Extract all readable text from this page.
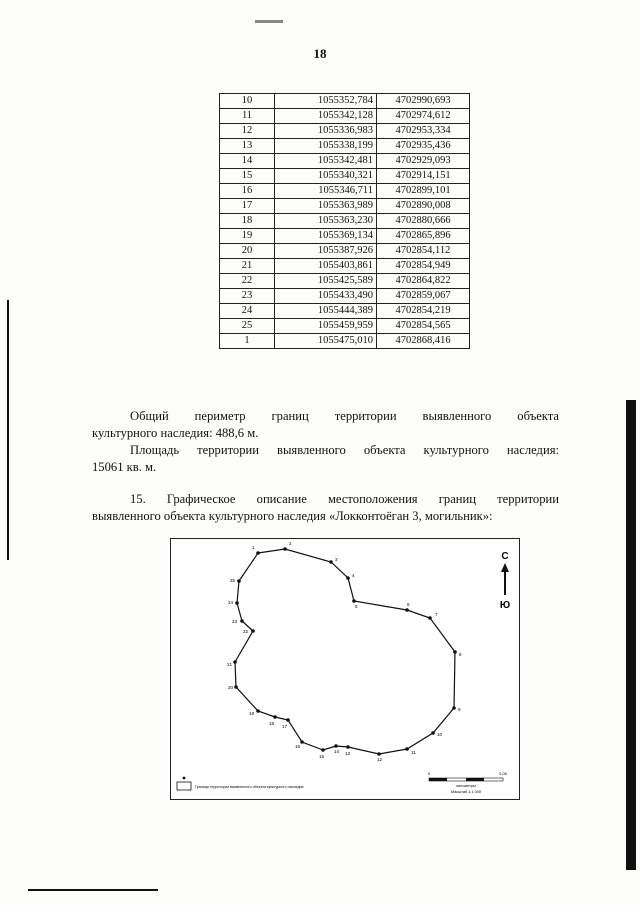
18
10	1055352,784	4702990,693
11	1055342,128	4702974,612
12	1055336,983	4702953,334
13	1055338,199	4702935,436
14	1055342,481	4702929,093
15	1055340,321	4702914,151
16	1055346,711	4702899,101
17	1055363,989	4702890,008
18	1055363,230	4702880,666
19	1055369,134	4702865,896
20	1055387,926	4702854,112
21	1055403,861	4702854,949
22	1055425,589	4702864,822
23	1055433,490	4702859,067
24	1055444,389	4702854,219
25	1055459,959	4702854,565
1	1055475,010	4702868,416

Общий периметр границ территории выявленного объекта

культурного наследия: 488,6 м.

Площадь территории выявленного объекта культурного наследия:

15061 кв. м.

15. Графическое описание местоположения границ территории

выявленного объекта культурного наследия «Локконтоёган 3, могильник»:

1
2
3
4
5	6
7
8
9
10
11
12
13
14
15
16
17
18
19
20
21
22
23
24
25
С
Ю
Граница территории выявленного объекта культурного наследия
0	0,05
километры
Масштаб 1:1 000
